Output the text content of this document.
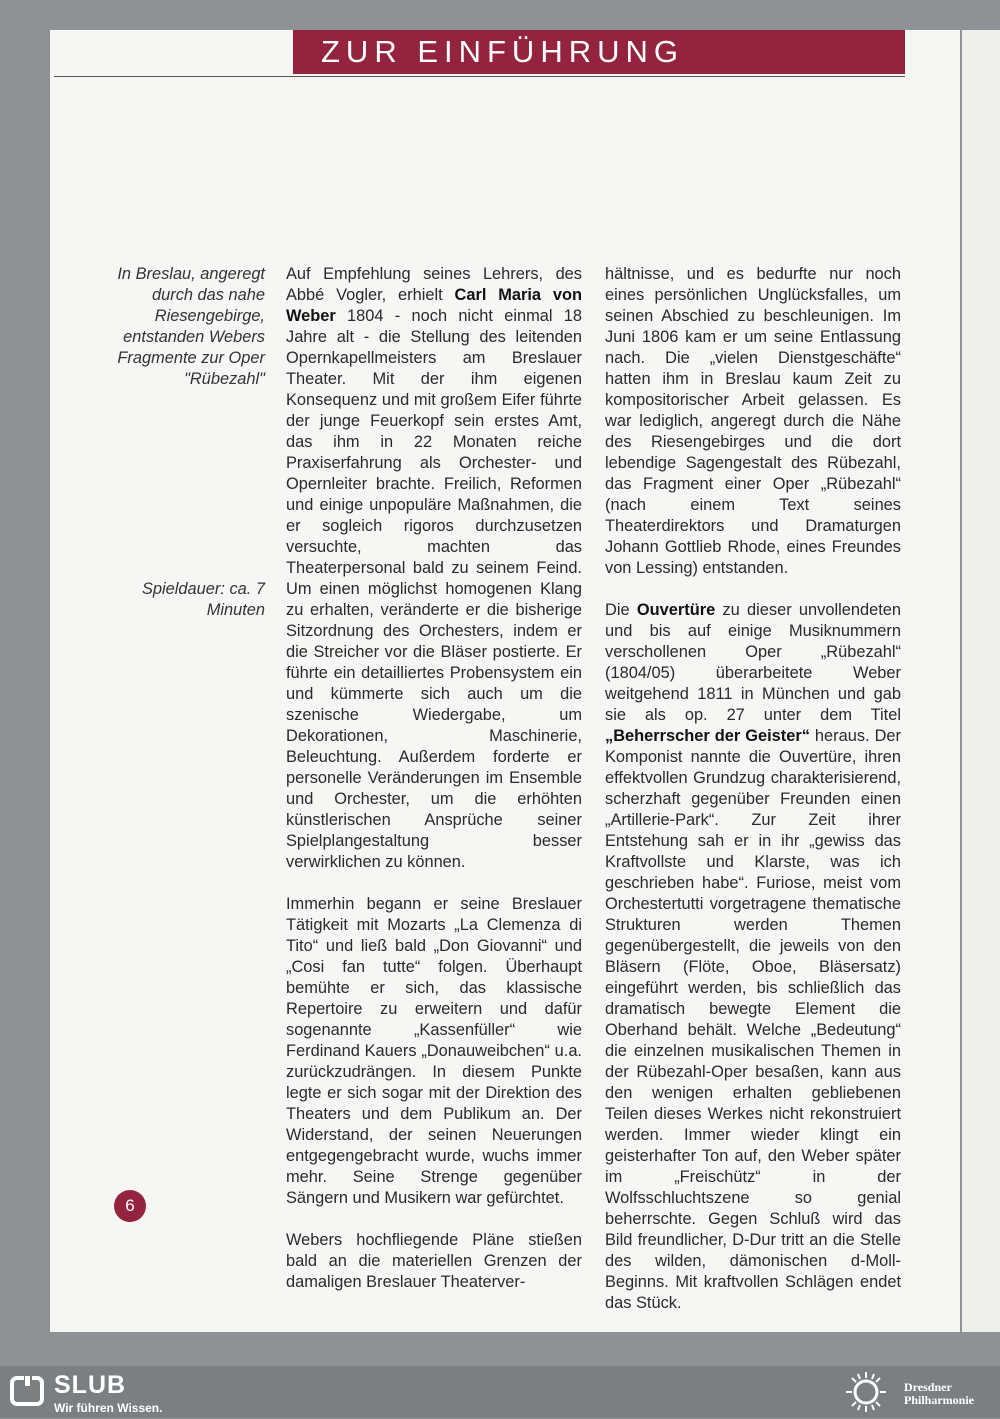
ZUR EINFÜHRUNG
In Breslau, angeregt durch das nahe Riesengebirge, entstanden Webers Fragmente zur Oper "Rübezahl"
Spieldauer: ca. 7 Minuten

Auf Empfehlung seines Lehrers, des Abbé Vogler, erhielt Carl Maria von Weber 1804 - noch nicht einmal 18 Jahre alt - die Stellung des leitenden Opernkapellmeisters am Breslauer Theater. Mit der ihm eigenen Konsequenz und mit großem Eifer führte der junge Feuerkopf sein erstes Amt, das ihm in 22 Monaten reiche Praxiserfahrung als Orchester- und Opernleiter brachte. Freilich, Reformen und einige unpopuläre Maßnahmen, die er sogleich rigoros durchzusetzen versuchte, machten das Theaterpersonal bald zu seinem Feind. Um einen möglichst homogenen Klang zu erhalten, veränderte er die bisherige Sitzordnung des Orchesters, indem er die Streicher vor die Bläser postierte. Er führte ein detailliertes Probensystem ein und kümmerte sich auch um die szenische Wiedergabe, um Dekorationen, Maschinerie, Beleuchtung. Außerdem forderte er personelle Veränderungen im Ensemble und Orchester, um die erhöhten künstlerischen Ansprüche seiner Spielplangestaltung besser verwirklichen zu können.

Immerhin begann er seine Breslauer Tätigkeit mit Mozarts „La Clemenza di Tito“ und ließ bald „Don Giovanni“ und „Cosi fan tutte“ folgen. Überhaupt bemühte er sich, das klassische Repertoire zu erweitern und dafür sogenannte „Kassenfüller“ wie Ferdinand Kauers „Donauweibchen“ u.a. zurückzudrängen. In diesem Punkte legte er sich sogar mit der Direktion des Theaters und dem Publikum an. Der Widerstand, der seinen Neuerungen entgegengebracht wurde, wuchs immer mehr. Seine Strenge gegenüber Sängern und Musikern war gefürchtet.

Webers hochfliegende Pläne stießen bald an die materiellen Grenzen der damaligen Breslauer Theaterver-

hältnisse, und es bedurfte nur noch eines persönlichen Unglücksfalles, um seinen Abschied zu beschleunigen. Im Juni 1806 kam er um seine Entlassung nach. Die „vielen Dienstgeschäfte“ hatten ihm in Breslau kaum Zeit zu kompositorischer Arbeit gelassen. Es war lediglich, angeregt durch die Nähe des Riesengebirges und die dort lebendige Sagengestalt des Rübezahl, das Fragment einer Oper „Rübezahl“ (nach einem Text seines Theaterdirektors und Dramaturgen Johann Gottlieb Rhode, eines Freundes von Lessing) entstanden.

Die Ouvertüre zu dieser unvollendeten und bis auf einige Musiknummern verschollenen Oper „Rübezahl“ (1804/05) überarbeitete Weber weitgehend 1811 in München und gab sie als op. 27 unter dem Titel „Beherrscher der Geister“ heraus. Der Komponist nannte die Ouvertüre, ihren effektvollen Grundzug charakterisierend, scherzhaft gegenüber Freunden einen „Artillerie-Park“. Zur Zeit ihrer Entstehung sah er in ihr „gewiss das Kraftvollste und Klarste, was ich geschrieben habe“. Furiose, meist vom Orchestertutti vorgetragene thematische Strukturen werden Themen gegenübergestellt, die jeweils von den Bläsern (Flöte, Oboe, Bläsersatz) eingeführt werden, bis schließlich das dramatisch bewegte Element die Oberhand behält. Welche „Bedeutung“ die einzelnen musikalischen Themen in der Rübezahl-Oper besaßen, kann aus den wenigen erhalten gebliebenen Teilen dieses Werkes nicht rekonstruiert werden. Immer wieder klingt ein geisterhafter Ton auf, den Weber später im „Freischütz“ in der Wolfsschluchtszene so genial beherrschte. Gegen Schluß wird das Bild freundlicher, D-Dur tritt an die Stelle des wilden, dämonischen d-Moll-Beginns. Mit kraftvollen Schlägen endet das Stück.

6
SLUB
Wir führen Wissen.
Dresdner
Philharmonie
